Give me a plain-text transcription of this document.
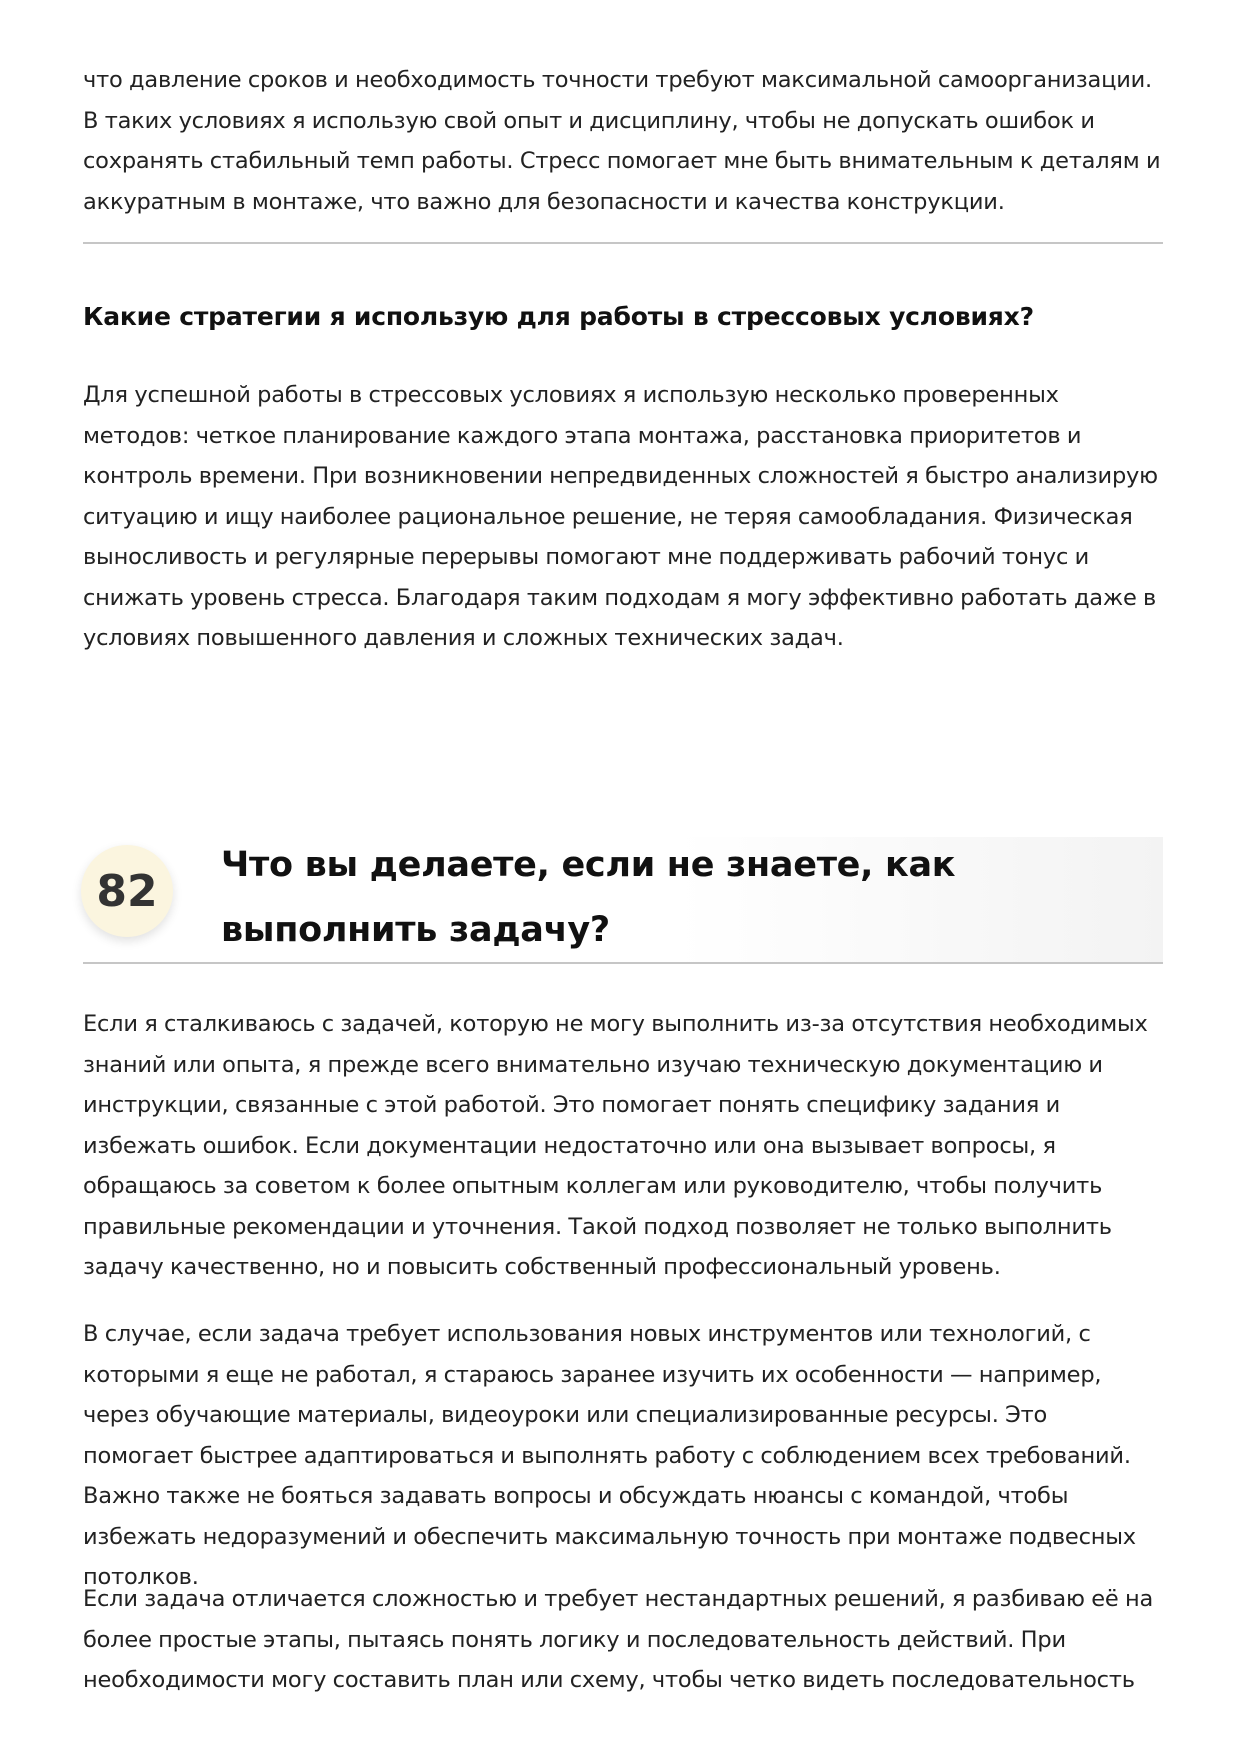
что давление сроков и необходимость точности требуют максимальной самоорганизации. В таких условиях я использую свой опыт и дисциплину, чтобы не допускать ошибок и сохранять стабильный темп работы. Стресс помогает мне быть внимательным к деталям и аккуратным в монтаже, что важно для безопасности и качества конструкции.

Какие стратегии я использую для работы в стрессовых условиях?

Для успешной работы в стрессовых условиях я использую несколько проверенных методов: четкое планирование каждого этапа монтажа, расстановка приоритетов и контроль времени. При возникновении непредвиденных сложностей я быстро анализирую ситуацию и ищу наиболее рациональное решение, не теряя самообладания. Физическая выносливость и регулярные перерывы помогают мне поддерживать рабочий тонус и снижать уровень стресса. Благодаря таким подходам я могу эффективно работать даже в условиях повышенного давления и сложных технических задач.

82
Что вы делаете, если не знаете, как выполнить задачу?

Если я сталкиваюсь с задачей, которую не могу выполнить из-за отсутствия необходимых знаний или опыта, я прежде всего внимательно изучаю техническую документацию и инструкции, связанные с этой работой. Это помогает понять специфику задания и избежать ошибок. Если документации недостаточно или она вызывает вопросы, я обращаюсь за советом к более опытным коллегам или руководителю, чтобы получить правильные рекомендации и уточнения. Такой подход позволяет не только выполнить задачу качественно, но и повысить собственный профессиональный уровень.

В случае, если задача требует использования новых инструментов или технологий, с которыми я еще не работал, я стараюсь заранее изучить их особенности — например, через обучающие материалы, видеоуроки или специализированные ресурсы. Это помогает быстрее адаптироваться и выполнять работу с соблюдением всех требований. Важно также не бояться задавать вопросы и обсуждать нюансы с командой, чтобы избежать недоразумений и обеспечить максимальную точность при монтаже подвесных потолков.

Если задача отличается сложностью и требует нестандартных решений, я разбиваю её на более простые этапы, пытаясь понять логику и последовательность действий. При необходимости могу составить план или схему, чтобы четко видеть последовательность
